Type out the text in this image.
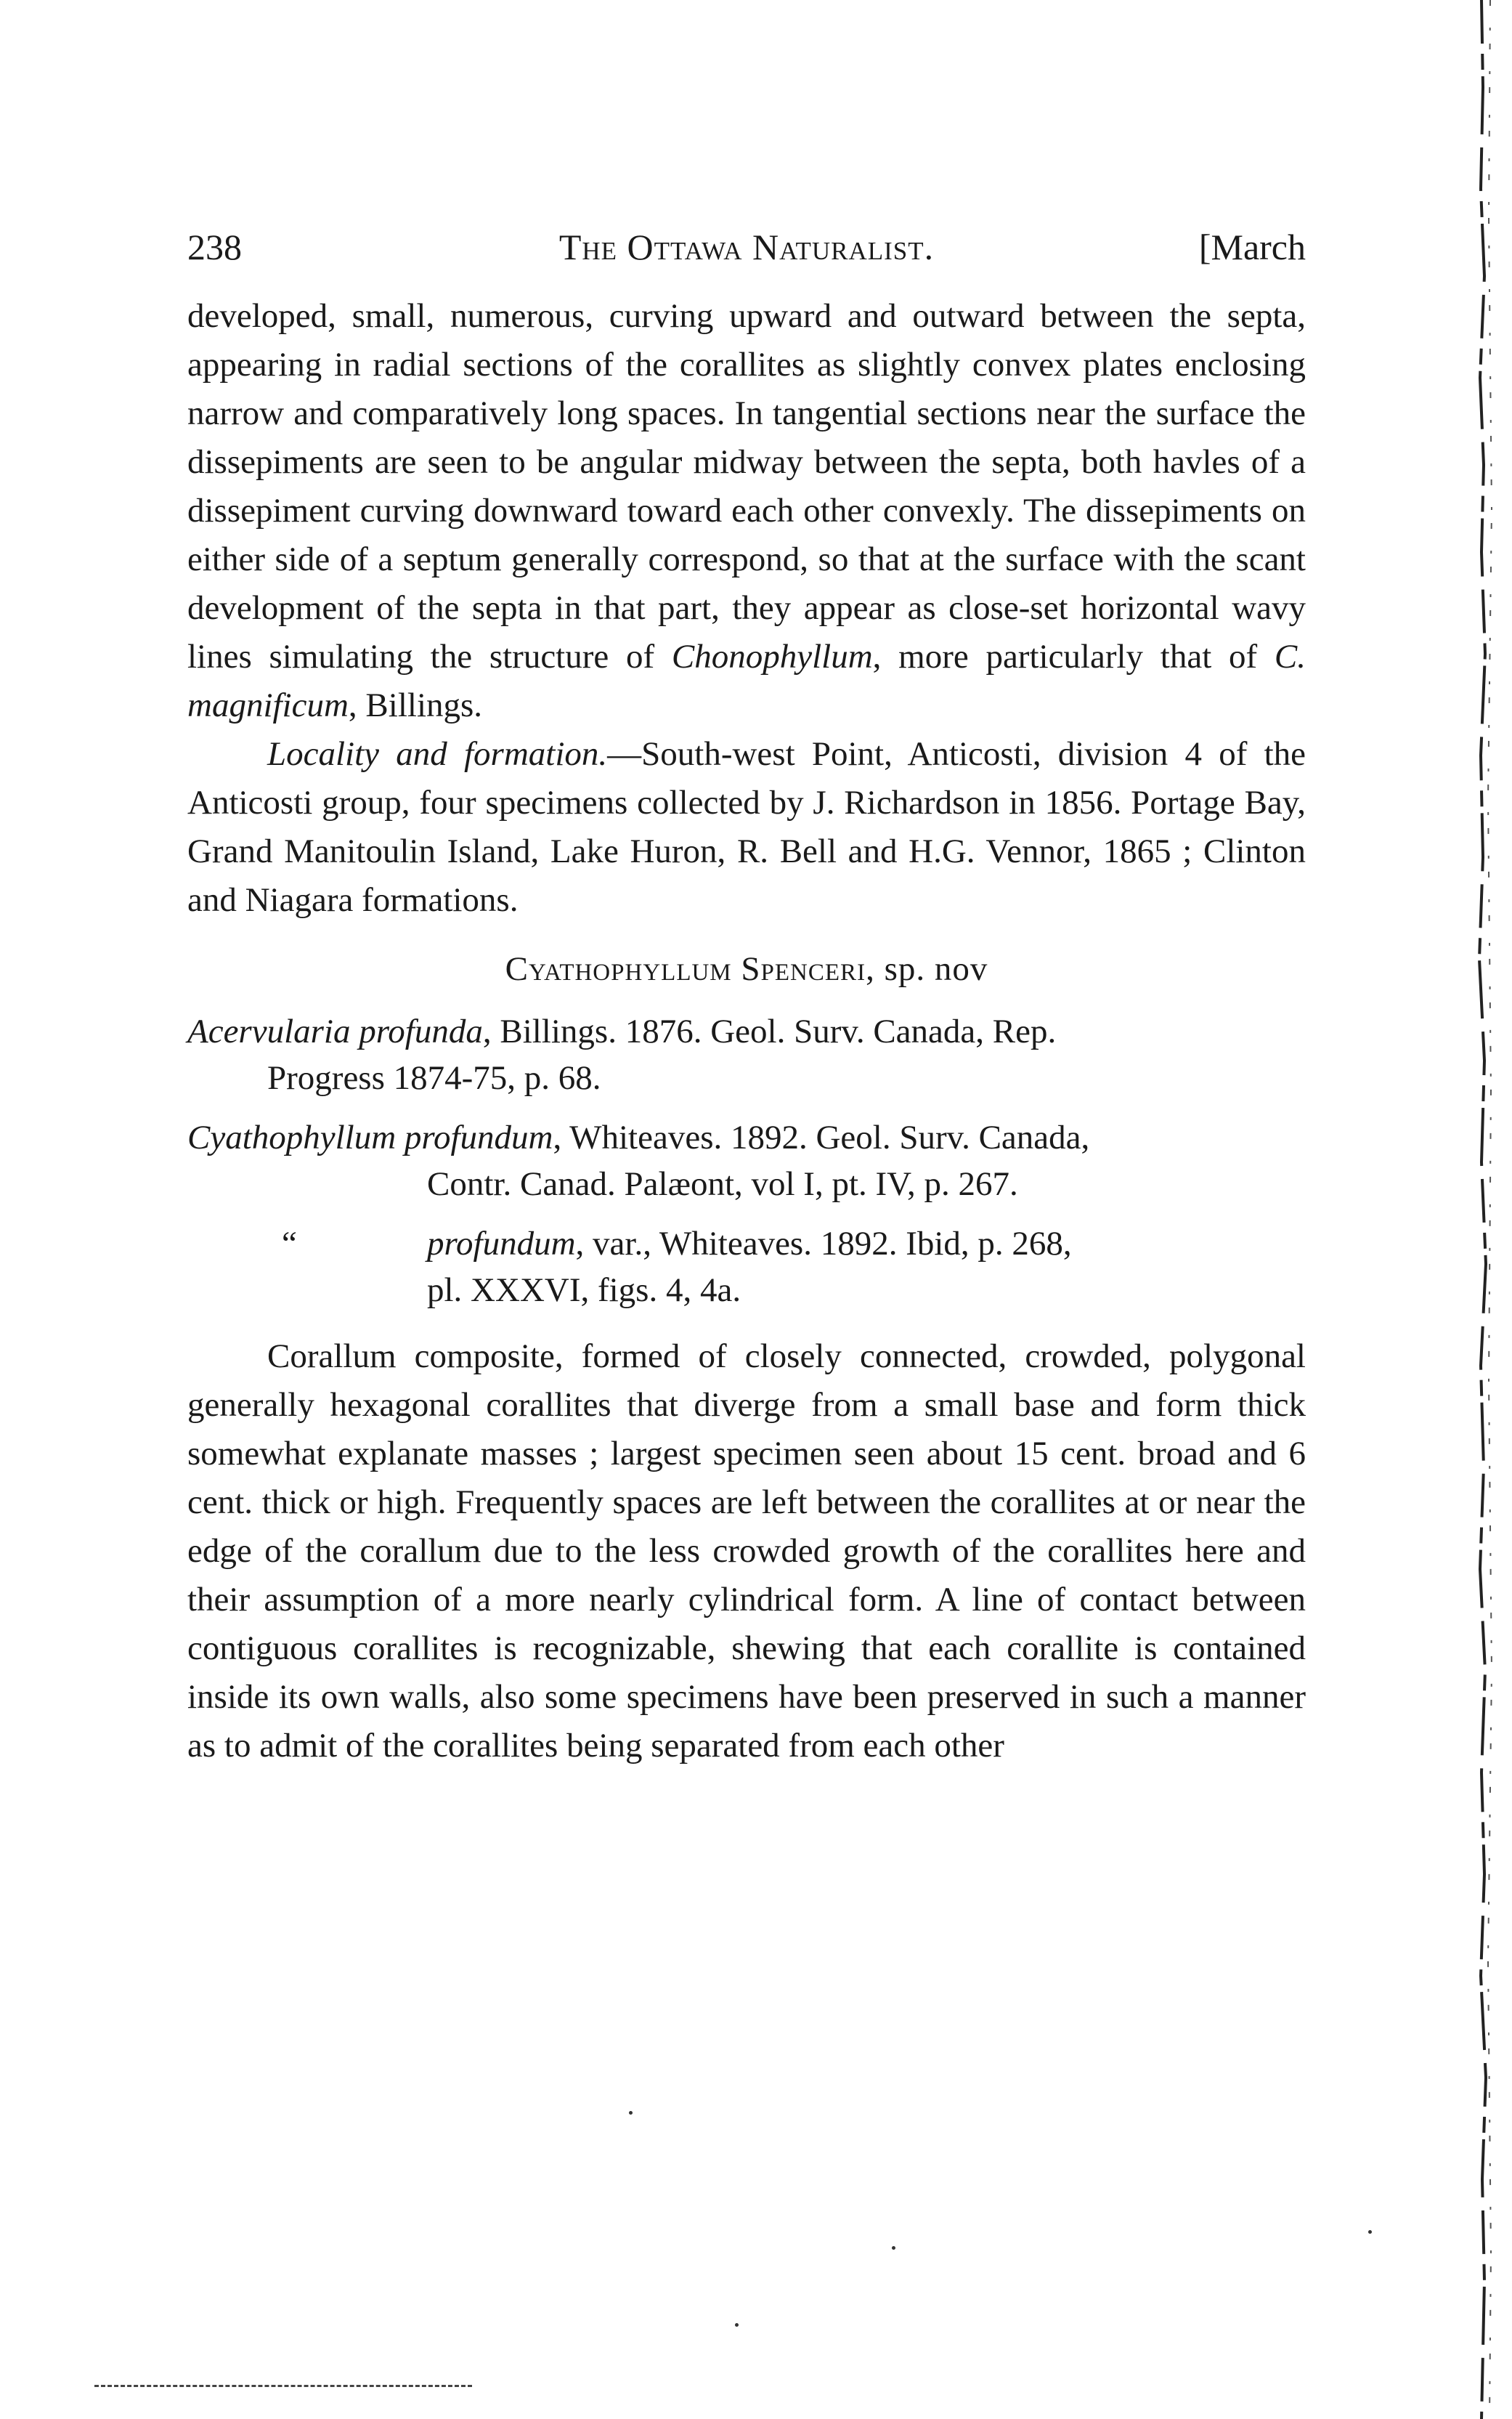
238	The Ottawa Naturalist.	[March

developed, small, numerous, curving upward and outward between the septa, appearing in radial sections of the corallites as slightly convex plates enclosing narrow and comparatively long spaces. In tangential sections near the surface the dissepiments are seen to be angular midway between the septa, both havles of a dissepiment curving downward toward each other convexly. The dissepiments on either side of a septum generally correspond, so that at the surface with the scant development of the septa in that part, they appear as close-set horizontal wavy lines simulating the structure of Chonophyllum, more particularly that of C. magnificum, Billings.

Locality and formation.—South-west Point, Anticosti, division 4 of the Anticosti group, four specimens collected by J. Richardson in 1856. Portage Bay, Grand Manitoulin Island, Lake Huron, R. Bell and H.G. Vennor, 1865 ; Clinton and Niagara formations.

Cyathophyllum Spenceri, sp. nov
Acervularia profunda, Billings. 1876. Geol. Surv. Canada, Rep.
Progress 1874-75, p. 68.
Cyathophyllum profundum, Whiteaves. 1892. Geol. Surv. Canada,
Contr. Canad. Palæont, vol I, pt. IV, p. 267.
“	profundum, var., Whiteaves. 1892. Ibid, p. 268,
pl. XXXVI, figs. 4, 4a.

Corallum composite, formed of closely connected, crowded, polygonal generally hexagonal corallites that diverge from a small base and form thick somewhat explanate masses ; largest specimen seen about 15 cent. broad and 6 cent. thick or high. Frequently spaces are left between the corallites at or near the edge of the corallum due to the less crowded growth of the corallites here and their assumption of a more nearly cylindrical form. A line of contact between contiguous corallites is recognizable, shewing that each corallite is contained inside its own walls, also some specimens have been preserved in such a manner as to admit of the corallites being separated from each other
